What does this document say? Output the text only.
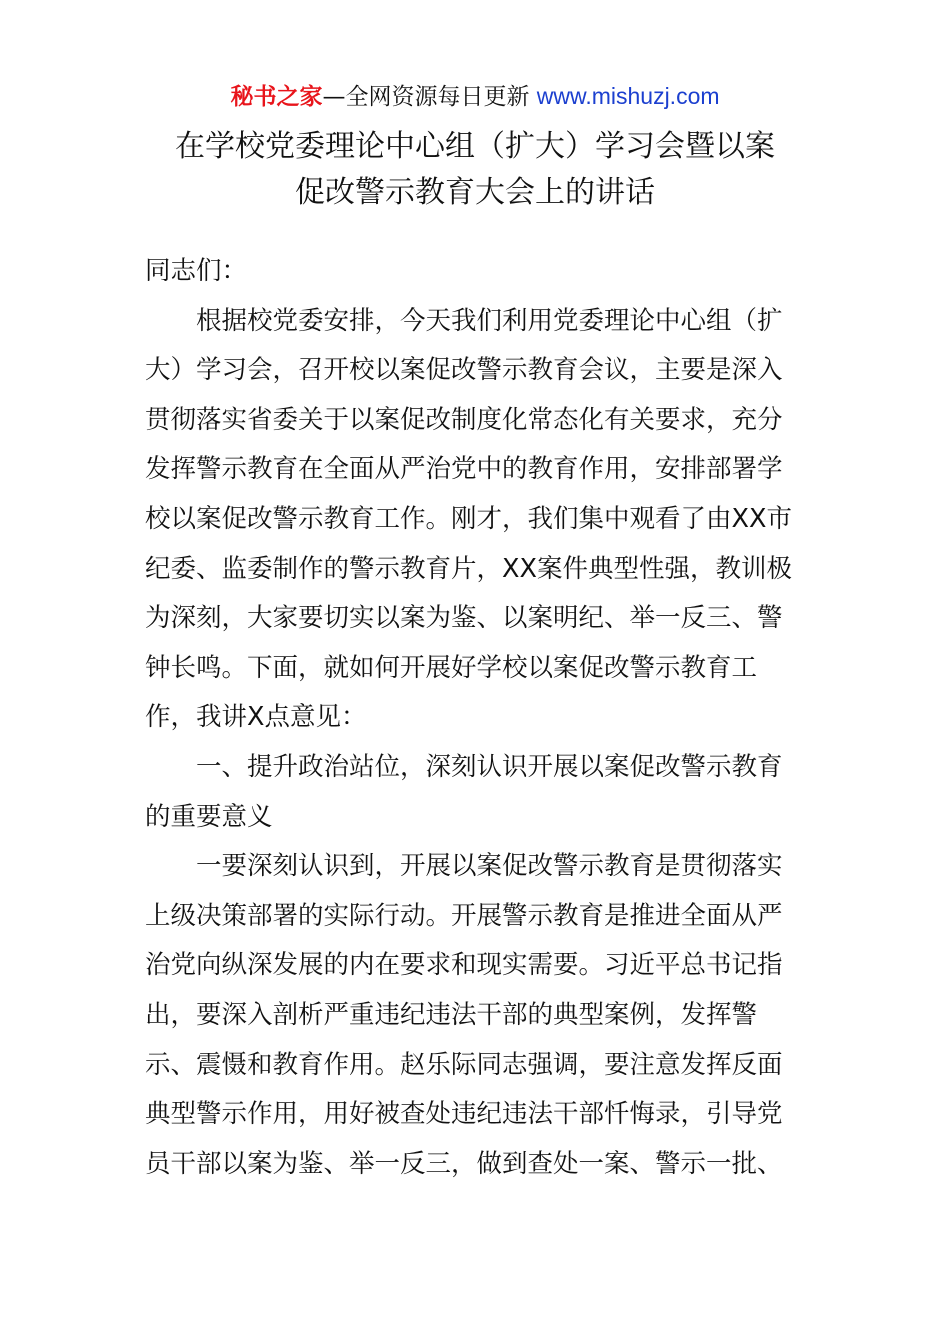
秘书之家—全网资源每日更新 www.mishuzj.com
在学校党委理论中心组（扩大）学习会暨以案
促改警示教育大会上的讲话

同志们：

根据校党委安排，今天我们利用党委理论中心组（扩
大）学习会，召开校以案促改警示教育会议，主要是深入
贯彻落实省委关于以案促改制度化常态化有关要求，充分
发挥警示教育在全面从严治党中的教育作用，安排部署学
校以案促改警示教育工作。刚才，我们集中观看了由XX市
纪委、监委制作的警示教育片，XX案件典型性强，教训极
为深刻，大家要切实以案为鉴、以案明纪、举一反三、警
钟长鸣。下面，就如何开展好学校以案促改警示教育工
作，我讲X点意见：

一、提升政治站位，深刻认识开展以案促改警示教育
的重要意义

一要深刻认识到，开展以案促改警示教育是贯彻落实
上级决策部署的实际行动。开展警示教育是推进全面从严
治党向纵深发展的内在要求和现实需要。习近平总书记指
出，要深入剖析严重违纪违法干部的典型案例，发挥警
示、震慑和教育作用。赵乐际同志强调，要注意发挥反面
典型警示作用，用好被查处违纪违法干部忏悔录，引导党
员干部以案为鉴、举一反三，做到查处一案、警示一批、
